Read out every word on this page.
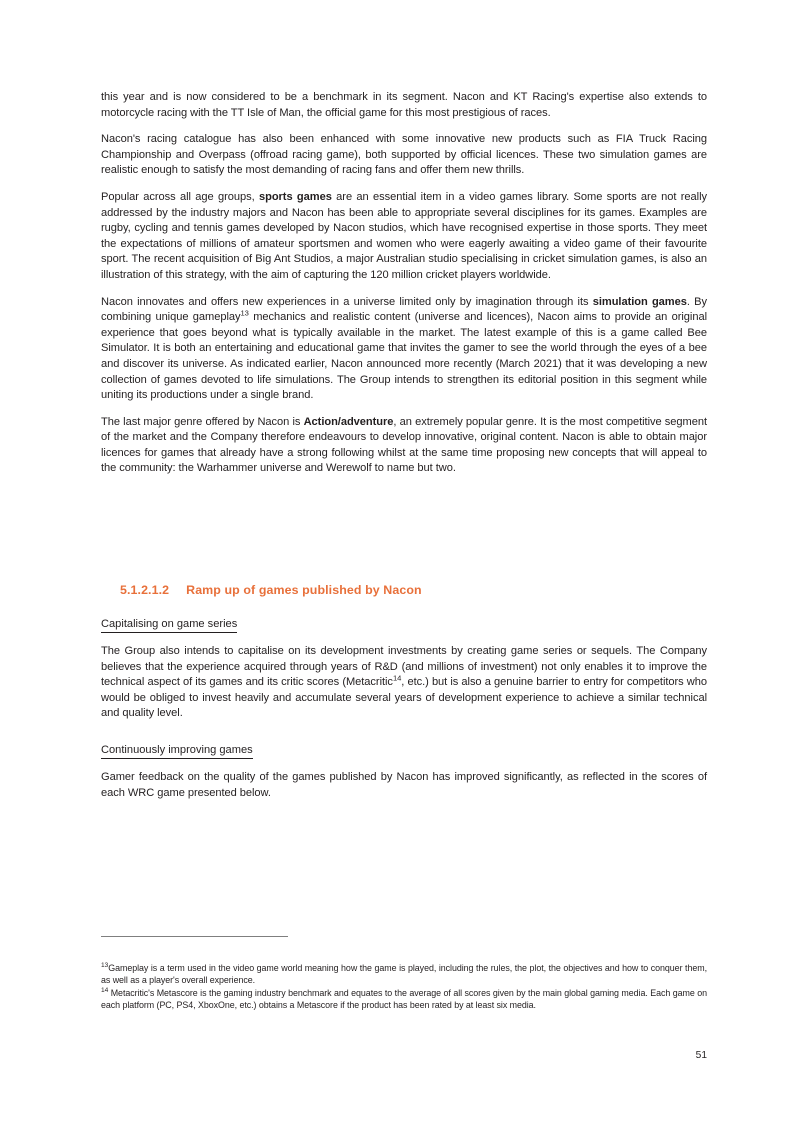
this year and is now considered to be a benchmark in its segment. Nacon and KT Racing's expertise also extends to motorcycle racing with the TT Isle of Man, the official game for this most prestigious of races.

Nacon's racing catalogue has also been enhanced with some innovative new products such as FIA Truck Racing Championship and Overpass (offroad racing game), both supported by official licences. These two simulation games are realistic enough to satisfy the most demanding of racing fans and offer them new thrills.

Popular across all age groups, sports games are an essential item in a video games library. Some sports are not really addressed by the industry majors and Nacon has been able to appropriate several disciplines for its games. Examples are rugby, cycling and tennis games developed by Nacon studios, which have recognised expertise in those sports. They meet the expectations of millions of amateur sportsmen and women who were eagerly awaiting a video game of their favourite sport. The recent acquisition of Big Ant Studios, a major Australian studio specialising in cricket simulation games, is also an illustration of this strategy, with the aim of capturing the 120 million cricket players worldwide.

Nacon innovates and offers new experiences in a universe limited only by imagination through its simulation games. By combining unique gameplay$^{13}$ mechanics and realistic content (universe and licences), Nacon aims to provide an original experience that goes beyond what is typically available in the market. The latest example of this is a game called Bee Simulator. It is both an entertaining and educational game that invites the gamer to see the world through the eyes of a bee and discover its universe. As indicated earlier, Nacon announced more recently (March 2021) that it was developing a new collection of games devoted to life simulations. The Group intends to strengthen its editorial position in this segment while uniting its productions under a single brand.

The last major genre offered by Nacon is Action/adventure, an extremely popular genre. It is the most competitive segment of the market and the Company therefore endeavours to develop innovative, original content. Nacon is able to obtain major licences for games that already have a strong following whilst at the same time proposing new concepts that will appeal to the community: the Warhammer universe and Werewolf to name but two.

5.1.2.1.2 Ramp up of games published by Nacon
Capitalising on game series

The Group also intends to capitalise on its development investments by creating game series or sequels. The Company believes that the experience acquired through years of R&D (and millions of investment) not only enables it to improve the technical aspect of its games and its critic scores (Metacritic$^{14}$, etc.) but is also a genuine barrier to entry for competitors who would be obliged to invest heavily and accumulate several years of development experience to achieve a similar technical and quality level.

Continuously improving games

Gamer feedback on the quality of the games published by Nacon has improved significantly, as reflected in the scores of each WRC game presented below.

$^{13}$Gameplay is a term used in the video game world meaning how the game is played, including the rules, the plot, the objectives and how to conquer them, as well as a player's overall experience.

$^{14}$ Metacritic's Metascore is the gaming industry benchmark and equates to the average of all scores given by the main global gaming media. Each game on each platform (PC, PS4, XboxOne, etc.) obtains a Metascore if the product has been rated by at least six media.

51
